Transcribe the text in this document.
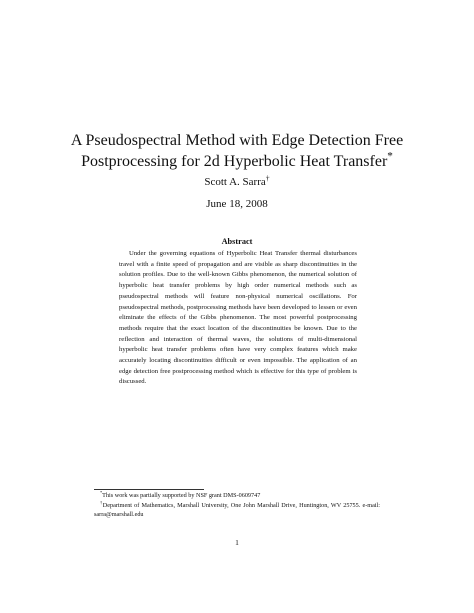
A Pseudospectral Method with Edge Detection Free
Postprocessing for 2d Hyperbolic Heat Transfer*
Scott A. Sarra†
June 18, 2008
Abstract
Under the governing equations of Hyperbolic Heat Transfer thermal disturbances travel with a finite speed of propagation and are visible as sharp discontinuities in the solution profiles. Due to the well-known Gibbs phenomenon, the numerical solution of hyperbolic heat transfer problems by high order numerical methods such as pseudospectral methods will feature non-physical numerical oscillations. For pseudospectral methods, postprocessing methods have been developed to lessen or even eliminate the effects of the Gibbs phenomenon. The most powerful postprocessing methods require that the exact location of the discontinuities be known. Due to the reflection and interaction of thermal waves, the solutions of multi-dimensional hyperbolic heat transfer problems often have very complex features which make accurately locating discontinuities difficult or even impossible. The application of an edge detection free postprocessing method which is effective for this type of problem is discussed.
*This work was partially supported by NSF grant DMS-0609747
†Department of Mathematics, Marshall University, One John Marshall Drive, Huntington, WV 25755. e-mail: sarra@marshall.edu
1
